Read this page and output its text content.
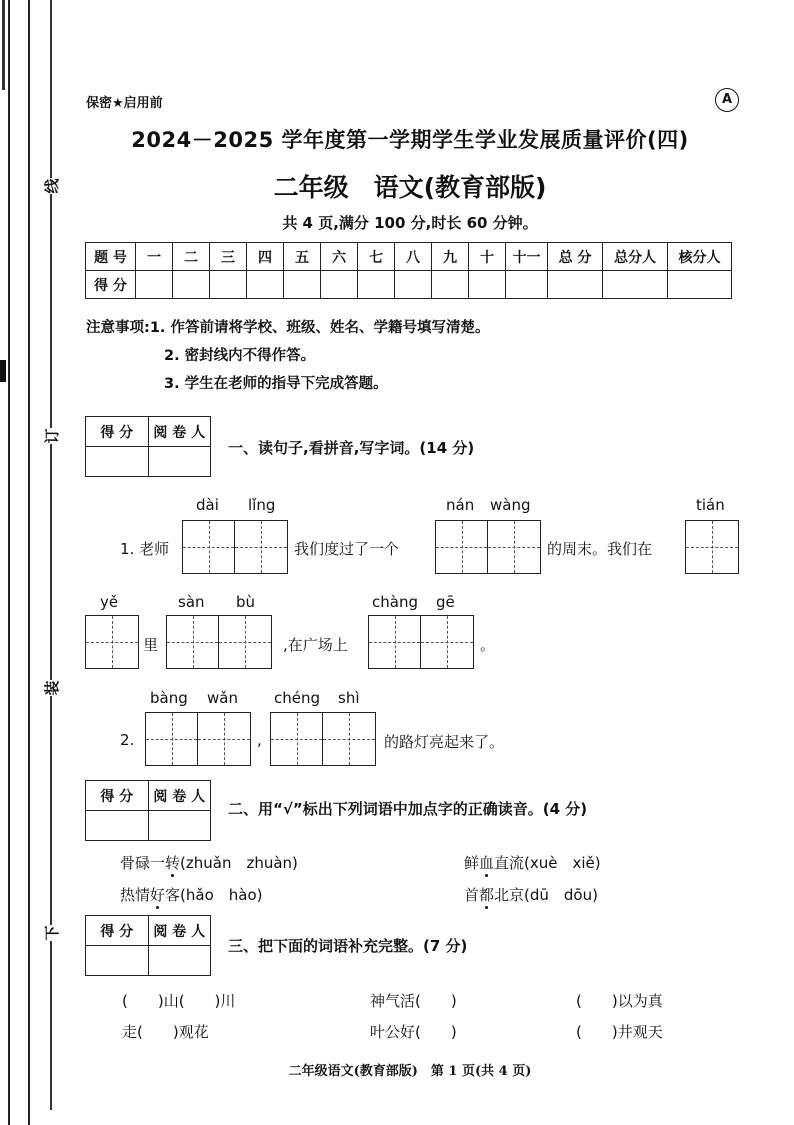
线
订
装
下
保密★启用前	A
2024－2025 学年度第一学期学生学业发展质量评价(四)
二年级　语文(教育部版)
共 4 页,满分 100 分,时长 60 分钟。
题 号	一	二	三	四	五	六	七	八	九	十	十一	总 分	总分人	核分人
得 分														
注意事项:1. 作答前请将学校、班级、姓名、学籍号填写清楚。
2. 密封线内不得作答。
3. 学生在老师的指导下完成答题。
得 分	阅 卷 人

一、读句子,看拼音,写字词。(14 分)
dài lǐng	nán wàng	tián
1. 老师	我们度过了一个	的周末。我们在
yě	sàn bù	chàng gē
里	,在广场上	。
bàng wǎn chéng shì
2.	,	的路灯亮起来了。
得 分	阅 卷 人

二、用“√”标出下列词语中加点字的正确读音。(4 分)
骨碌一转(zhuǎn　zhuàn)	鲜血直流(xuè　xiě)
热情好客(hǎo　hào)	首都北京(dū　dōu)
得 分	阅 卷 人

三、把下面的词语补充完整。(7 分)
(　　)山(　　)川	神气活(　　)	(　　)以为真
走(　　)观花	叶公好(　　)	(　　)井观天
二年级语文(教育部版)　第 1 页(共 4 页)
